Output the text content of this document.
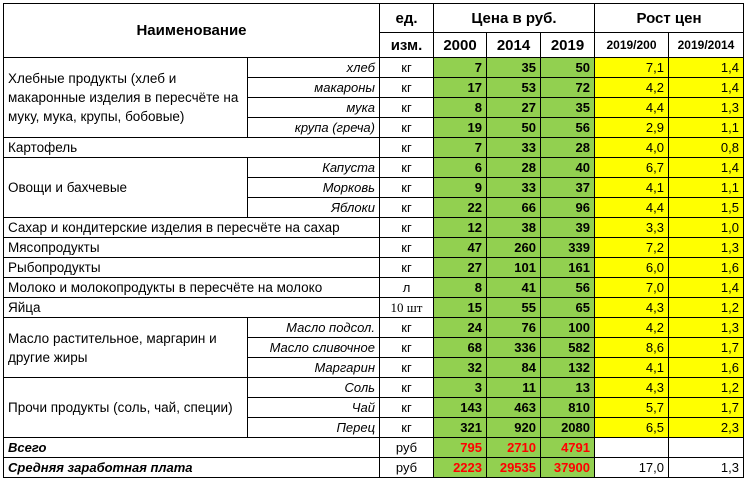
Наименование		ед.	Цена в руб.			Рост цен	
		изм.	2000	2014	2019	2019/200	2019/2014
Хлебные продукты (хлеб и макаронные изделия в пересчёте на муку, мука, крупы, бобовые)	хлеб	кг	7	35	50	7,1	1,4
	макароны	кг	17	53	72	4,2	1,4
	мука	кг	8	27	35	4,4	1,3
	крупа (греча)	кг	19	50	56	2,9	1,1
Картофель		кг	7	33	28	4,0	0,8
Овощи и бахчевые	Капуста	кг	6	28	40	6,7	1,4
	Морковь	кг	9	33	37	4,1	1,1
	Яблоки	кг	22	66	96	4,4	1,5
Сахар и кондитерские изделия в пересчёте на сахар		кг	12	38	39	3,3	1,0
Мясопродукты		кг	47	260	339	7,2	1,3
Рыбопродукты		кг	27	101	161	6,0	1,6
Молоко и молокопродукты в пересчёте на молоко		л	8	41	56	7,0	1,4
Яйца		10 шт	15	55	65	4,3	1,2
Масло растительное, маргарин и другие жиры	Масло подсол.	кг	24	76	100	4,2	1,3
	Масло сливочное	кг	68	336	582	8,6	1,7
	Маргарин	кг	32	84	132	4,1	1,6
Прочи продукты (соль, чай, специи)	Соль	кг	3	11	13	4,3	1,2
	Чай	кг	143	463	810	5,7	1,7
	Перец	кг	321	920	2080	6,5	2,3
Всего		руб	795	2710	4791		
Средняя заработная плата		руб	2223	29535	37900	17,0	1,3
